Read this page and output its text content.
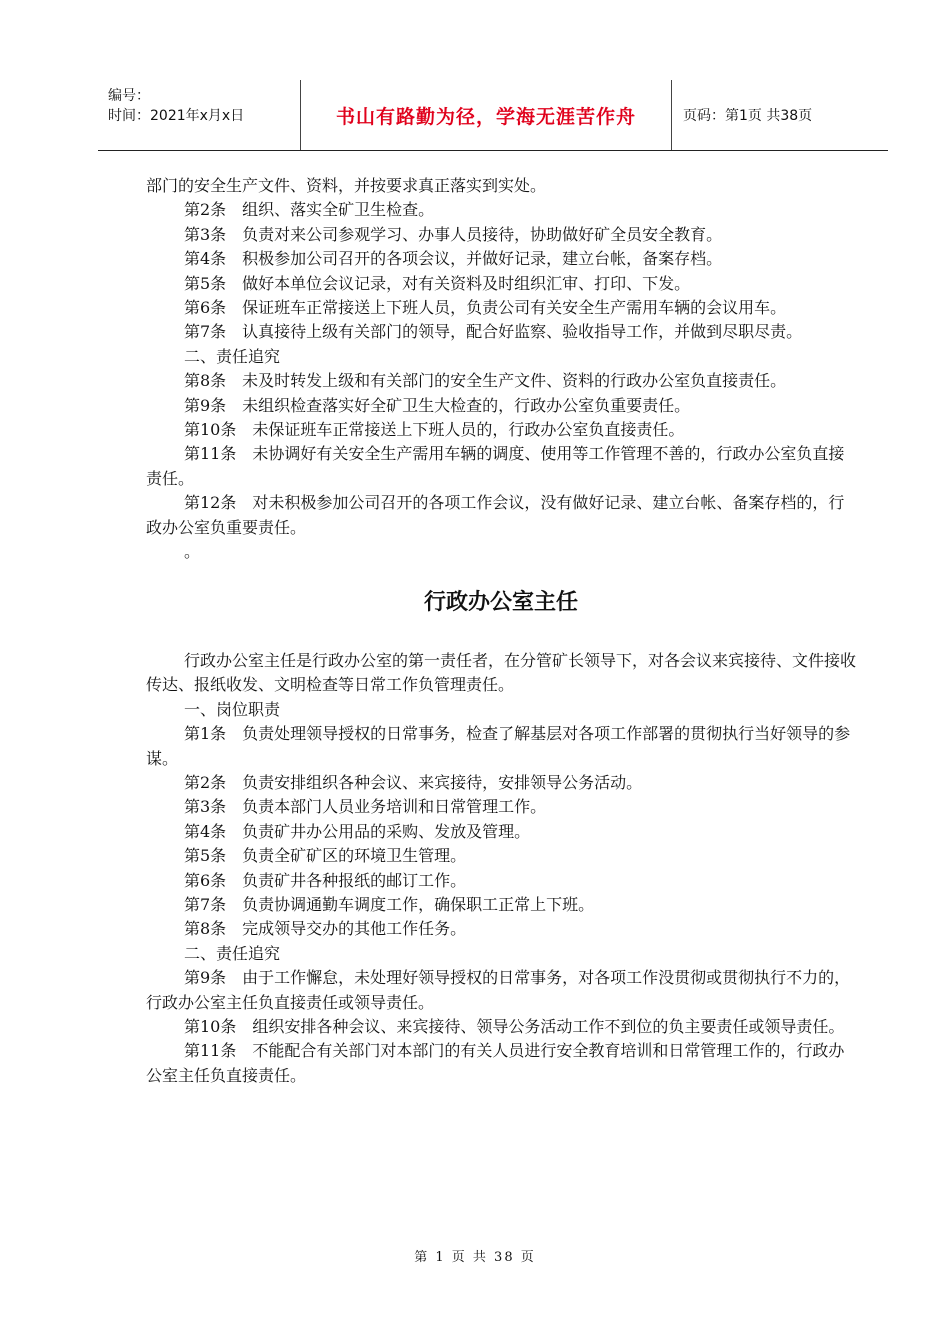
编号：
时间：2021年x月x日	书山有路勤为径，学海无涯苦作舟	页码：第1页 共38页

部门的安全生产文件、资料，并按要求真正落实到实处。

第2条　组织、落实全矿卫生检查。

第3条　负责对来公司参观学习、办事人员接待，协助做好矿全员安全教育。

第4条　积极参加公司召开的各项会议，并做好记录，建立台帐，备案存档。

第5条　做好本单位会议记录，对有关资料及时组织汇审、打印、下发。

第6条　保证班车正常接送上下班人员，负责公司有关安全生产需用车辆的会议用车。

第7条　认真接待上级有关部门的领导，配合好监察、验收指导工作，并做到尽职尽责。

二、责任追究

第8条　未及时转发上级和有关部门的安全生产文件、资料的行政办公室负直接责任。

第9条　未组织检查落实好全矿卫生大检查的，行政办公室负重要责任。

第10条　未保证班车正常接送上下班人员的，行政办公室负直接责任。

第11条　未协调好有关安全生产需用车辆的调度、使用等工作管理不善的，行政办公室负直接责任。

第12条　对未积极参加公司召开的各项工作会议，没有做好记录、建立台帐、备案存档的，行政办公室负重要责任。

。

行政办公室主任

行政办公室主任是行政办公室的第一责任者，在分管矿长领导下，对各会议来宾接待、文件接收传达、报纸收发、文明检查等日常工作负管理责任。

一、岗位职责

第1条　负责处理领导授权的日常事务，检查了解基层对各项工作部署的贯彻执行当好领导的参谋。

第2条　负责安排组织各种会议、来宾接待，安排领导公务活动。

第3条　负责本部门人员业务培训和日常管理工作。

第4条　负责矿井办公用品的采购、发放及管理。

第5条　负责全矿矿区的环境卫生管理。

第6条　负责矿井各种报纸的邮订工作。

第7条　负责协调通勤车调度工作，确保职工正常上下班。

第8条　完成领导交办的其他工作任务。

二、责任追究

第9条　由于工作懈怠，未处理好领导授权的日常事务，对各项工作没贯彻或贯彻执行不力的，行政办公室主任负直接责任或领导责任。

第10条　组织安排各种会议、来宾接待、领导公务活动工作不到位的负主要责任或领导责任。

第11条　不能配合有关部门对本部门的有关人员进行安全教育培训和日常管理工作的，行政办公室主任负直接责任。

第 1 页 共 38 页
